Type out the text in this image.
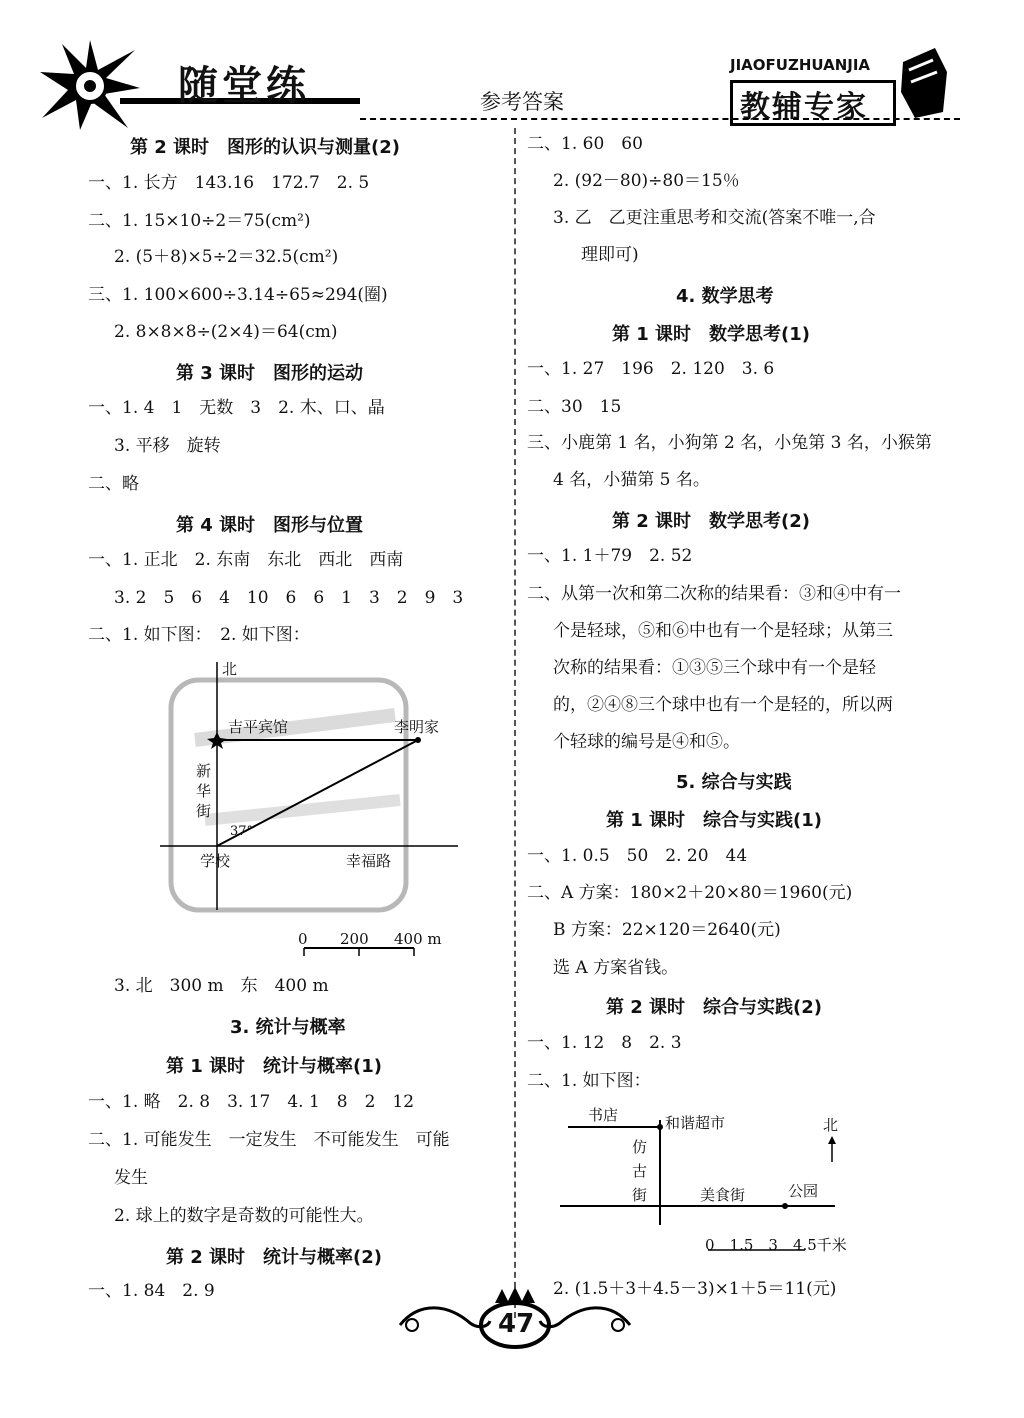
随堂练	参考答案
JIAOFUZHUANJIA
教辅专家
第 2 课时　图形的认识与测量(2)
一、1. 长方　143.16　172.7　2. 5
二、1. 15×10÷2＝75(cm²)
2. (5＋8)×5÷2＝32.5(cm²)
三、1. 100×600÷3.14÷65≈294(圈)
2. 8×8×8÷(2×4)＝64(cm)
第 3 课时　图形的运动
一、1. 4　1　无数　3　2. 木、口、晶
3. 平移　旋转
二、略
第 4 课时　图形与位置
一、1. 正北　2. 东南　东北　西北　西南
3. 2　5　6　4　10　6　6　1　3　2　9　3
二、1. 如下图：　2. 如下图：
北
吉平宾馆	李明家
新
华
街
37°
学校	幸福路
0 200 400 m
3. 北　300 m　东　400 m
3. 统计与概率
第 1 课时　统计与概率(1)
一、1. 略　2. 8　3. 17　4. 1　8　2　12
二、1. 可能发生　一定发生　不可能发生　可能
发生
2. 球上的数字是奇数的可能性大。
第 2 课时　统计与概率(2)
一、1. 84　2. 9
二、1. 60　60
2. (92－80)÷80＝15％
3. 乙　乙更注重思考和交流(答案不唯一,合
理即可)
4. 数学思考
第 1 课时　数学思考(1)
一、1. 27　196　2. 120　3. 6
二、30　15
三、小鹿第 1 名，小狗第 2 名，小兔第 3 名，小猴第
4 名，小猫第 5 名。
第 2 课时　数学思考(2)
一、1. 1＋79　2. 52
二、从第一次和第二次称的结果看：③和④中有一
个是轻球，⑤和⑥中也有一个是轻球；从第三
次称的结果看：①③⑤三个球中有一个是轻
的，②④⑧三个球中也有一个是轻的，所以两
个轻球的编号是④和⑤。
5. 综合与实践
第 1 课时　综合与实践(1)
一、1. 0.5　50　2. 20　44
二、A 方案：180×2＋20×80＝1960(元)
B 方案：22×120＝2640(元)
选 A 方案省钱。
第 2 课时　综合与实践(2)
一、1. 12　8　2. 3
二、1. 如下图：
书店	和谐超市	北
仿
古
街	美食街	公园
0　1.5　3　4.5千米
2. (1.5＋3＋4.5－3)×1＋5＝11(元)
47
